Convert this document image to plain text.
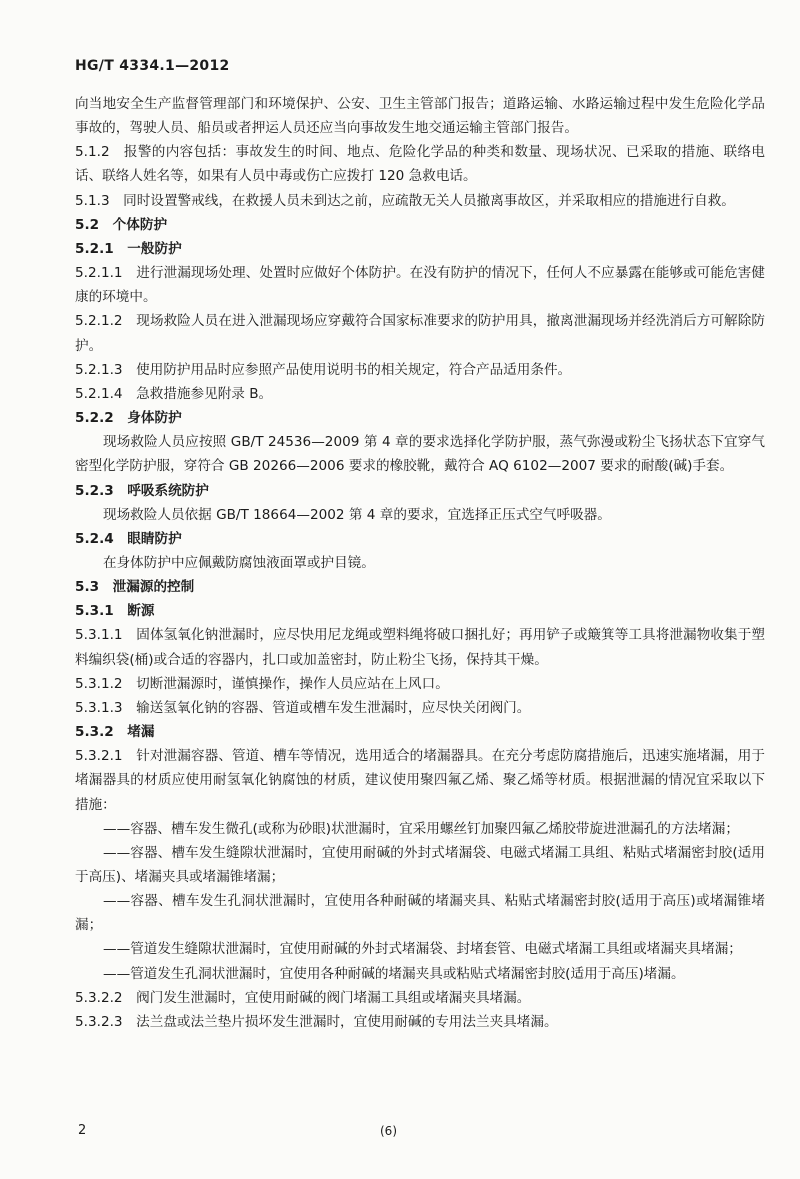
HG/T 4334.1—2012

向当地安全生产监督管理部门和环境保护、公安、卫生主管部门报告；道路运输、水路运输过程中发生危险化学品事故的，驾驶人员、船员或者押运人员还应当向事故发生地交通运输主管部门报告。

5.1.2　报警的内容包括：事故发生的时间、地点、危险化学品的种类和数量、现场状况、已采取的措施、联络电话、联络人姓名等，如果有人员中毒或伤亡应拨打 120 急救电话。

5.1.3　同时设置警戒线，在救援人员未到达之前，应疏散无关人员撤离事故区，并采取相应的措施进行自救。

5.2　个体防护

5.2.1　一般防护

5.2.1.1　进行泄漏现场处理、处置时应做好个体防护。在没有防护的情况下，任何人不应暴露在能够或可能危害健康的环境中。

5.2.1.2　现场救险人员在进入泄漏现场应穿戴符合国家标准要求的防护用具，撤离泄漏现场并经洗消后方可解除防护。

5.2.1.3　使用防护用品时应参照产品使用说明书的相关规定，符合产品适用条件。

5.2.1.4　急救措施参见附录 B。

5.2.2　身体防护

现场救险人员应按照 GB/T 24536—2009 第 4 章的要求选择化学防护服，蒸气弥漫或粉尘飞扬状态下宜穿气密型化学防护服，穿符合 GB 20266—2006 要求的橡胶靴，戴符合 AQ 6102—2007 要求的耐酸(碱)手套。

5.2.3　呼吸系统防护

现场救险人员依据 GB/T 18664—2002 第 4 章的要求，宜选择正压式空气呼吸器。

5.2.4　眼睛防护

在身体防护中应佩戴防腐蚀液面罩或护目镜。

5.3　泄漏源的控制

5.3.1　断源

5.3.1.1　固体氢氧化钠泄漏时，应尽快用尼龙绳或塑料绳将破口捆扎好；再用铲子或簸箕等工具将泄漏物收集于塑料编织袋(桶)或合适的容器内，扎口或加盖密封，防止粉尘飞扬，保持其干燥。

5.3.1.2　切断泄漏源时，谨慎操作，操作人员应站在上风口。

5.3.1.3　输送氢氧化钠的容器、管道或槽车发生泄漏时，应尽快关闭阀门。

5.3.2　堵漏

5.3.2.1　针对泄漏容器、管道、槽车等情况，选用适合的堵漏器具。在充分考虑防腐措施后，迅速实施堵漏，用于堵漏器具的材质应使用耐氢氧化钠腐蚀的材质，建议使用聚四氟乙烯、聚乙烯等材质。根据泄漏的情况宜采取以下措施：

——容器、槽车发生微孔(或称为砂眼)状泄漏时，宜采用螺丝钉加聚四氟乙烯胶带旋进泄漏孔的方法堵漏；

——容器、槽车发生缝隙状泄漏时，宜使用耐碱的外封式堵漏袋、电磁式堵漏工具组、粘贴式堵漏密封胶(适用于高压)、堵漏夹具或堵漏锥堵漏；

——容器、槽车发生孔洞状泄漏时，宜使用各种耐碱的堵漏夹具、粘贴式堵漏密封胶(适用于高压)或堵漏锥堵漏；

——管道发生缝隙状泄漏时，宜使用耐碱的外封式堵漏袋、封堵套管、电磁式堵漏工具组或堵漏夹具堵漏；

——管道发生孔洞状泄漏时，宜使用各种耐碱的堵漏夹具或粘贴式堵漏密封胶(适用于高压)堵漏。

5.3.2.2　阀门发生泄漏时，宜使用耐碱的阀门堵漏工具组或堵漏夹具堵漏。

5.3.2.3　法兰盘或法兰垫片损坏发生泄漏时，宜使用耐碱的专用法兰夹具堵漏。

2	(6)
